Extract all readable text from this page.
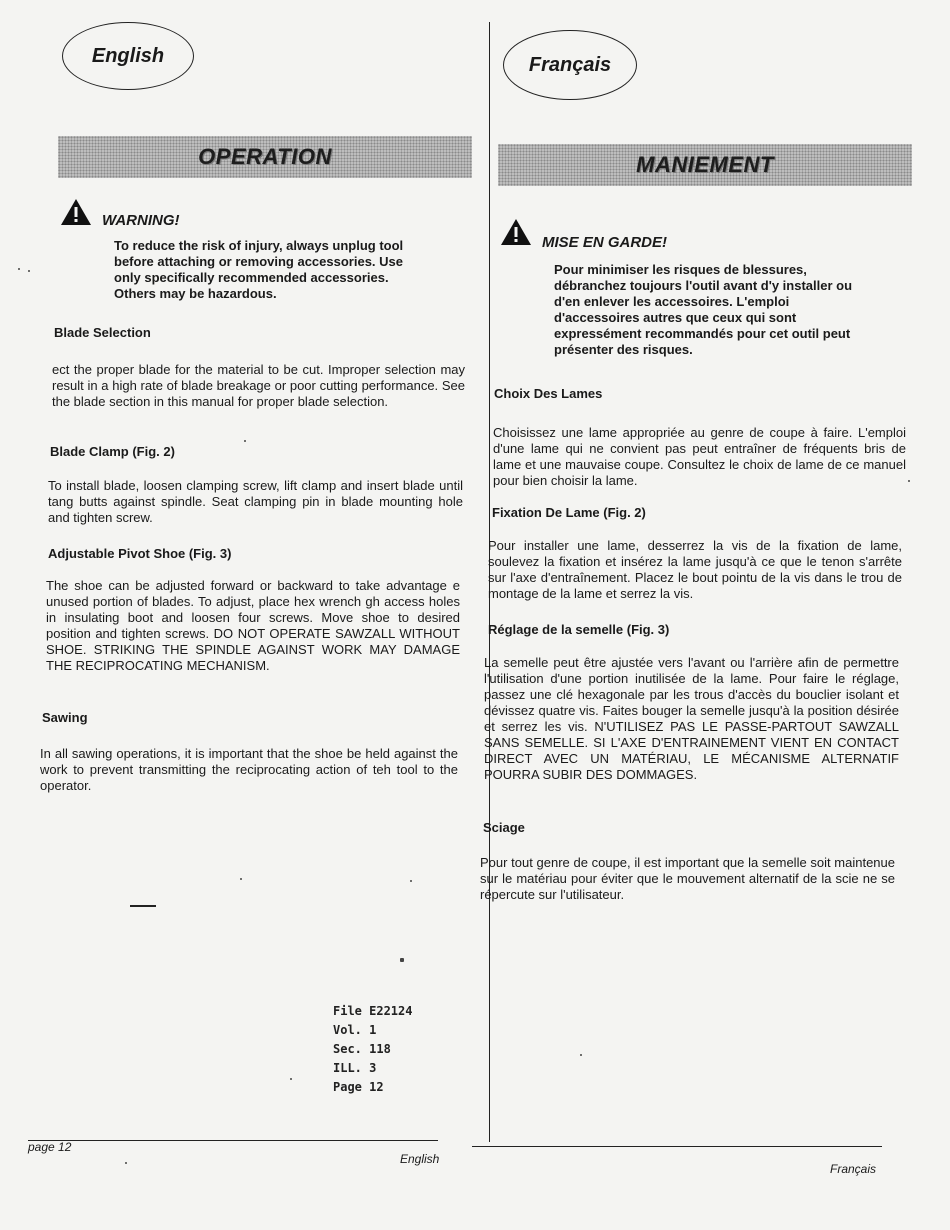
English
OPERATION
WARNING!
To reduce the risk of injury, always unplug tool before attaching or removing accessories. Use only specifically recommended accessories. Others may be hazardous.
Blade Selection
ect the proper blade for the material to be cut. Improper selection may result in a high rate of blade breakage or poor cutting performance. See the blade section in this manual for proper blade selection.
Blade Clamp (Fig. 2)
To install blade, loosen clamping screw, lift clamp and insert blade until tang butts against spindle. Seat clamping pin in blade mounting hole and tighten screw.
Adjustable Pivot Shoe (Fig. 3)
The shoe can be adjusted forward or backward to take advantage e unused portion of blades. To adjust, place hex wrench gh access holes in insulating boot and loosen four screws. Move shoe to desired position and tighten screws. DO NOT OPERATE SAWZALL WITHOUT SHOE. STRIKING THE SPINDLE AGAINST WORK MAY DAMAGE THE RECIPROCATING MECHANISM.
Sawing
In all sawing operations, it is important that the shoe be held against the work to prevent transmitting the reciprocating action of teh tool to the operator.
File E22124
Vol. 1
Sec. 118
ILL. 3
Page 12
page 12
English
Français
MANIEMENT
MISE EN GARDE!
Pour minimiser les risques de blessures, débranchez toujours l'outil avant d'y installer ou d'en enlever les accessoires. L'emploi d'accessoires autres que ceux qui sont expressément recommandés pour cet outil peut présenter des risques.
Choix Des Lames
Choisissez une lame appropriée au genre de coupe à faire. L'emploi d'une lame qui ne convient pas peut entraîner de fréquents bris de lame et une mauvaise coupe. Consultez le choix de lame de ce manuel pour bien choisir la lame.
Fixation De Lame (Fig. 2)
Pour installer une lame, desserrez la vis de la fixation de lame, soulevez la fixation et insérez la lame jusqu'à ce que le tenon s'arrête sur l'axe d'entraînement. Placez le bout pointu de la vis dans le trou de montage de la lame et serrez la vis.
Réglage de la semelle (Fig. 3)
La semelle peut être ajustée vers l'avant ou l'arrière afin de permettre l'utilisation d'une portion inutilisée de la lame. Pour faire le réglage, passez une clé hexagonale par les trous d'accès du bouclier isolant et dévissez quatre vis. Faites bouger la semelle jusqu'à la position désirée et serrez les vis. N'UTILISEZ PAS LE PASSE-PARTOUT SAWZALL SANS SEMELLE. SI L'AXE D'ENTRAINEMENT VIENT EN CONTACT DIRECT AVEC UN MATÉRIAU, LE MÉCANISME ALTERNATIF POURRA SUBIR DES DOMMAGES.
Sciage
Pour tout genre de coupe, il est important que la semelle soit maintenue sur le matériau pour éviter que le mouvement alternatif de la scie ne se répercute sur l'utilisateur.
Français
